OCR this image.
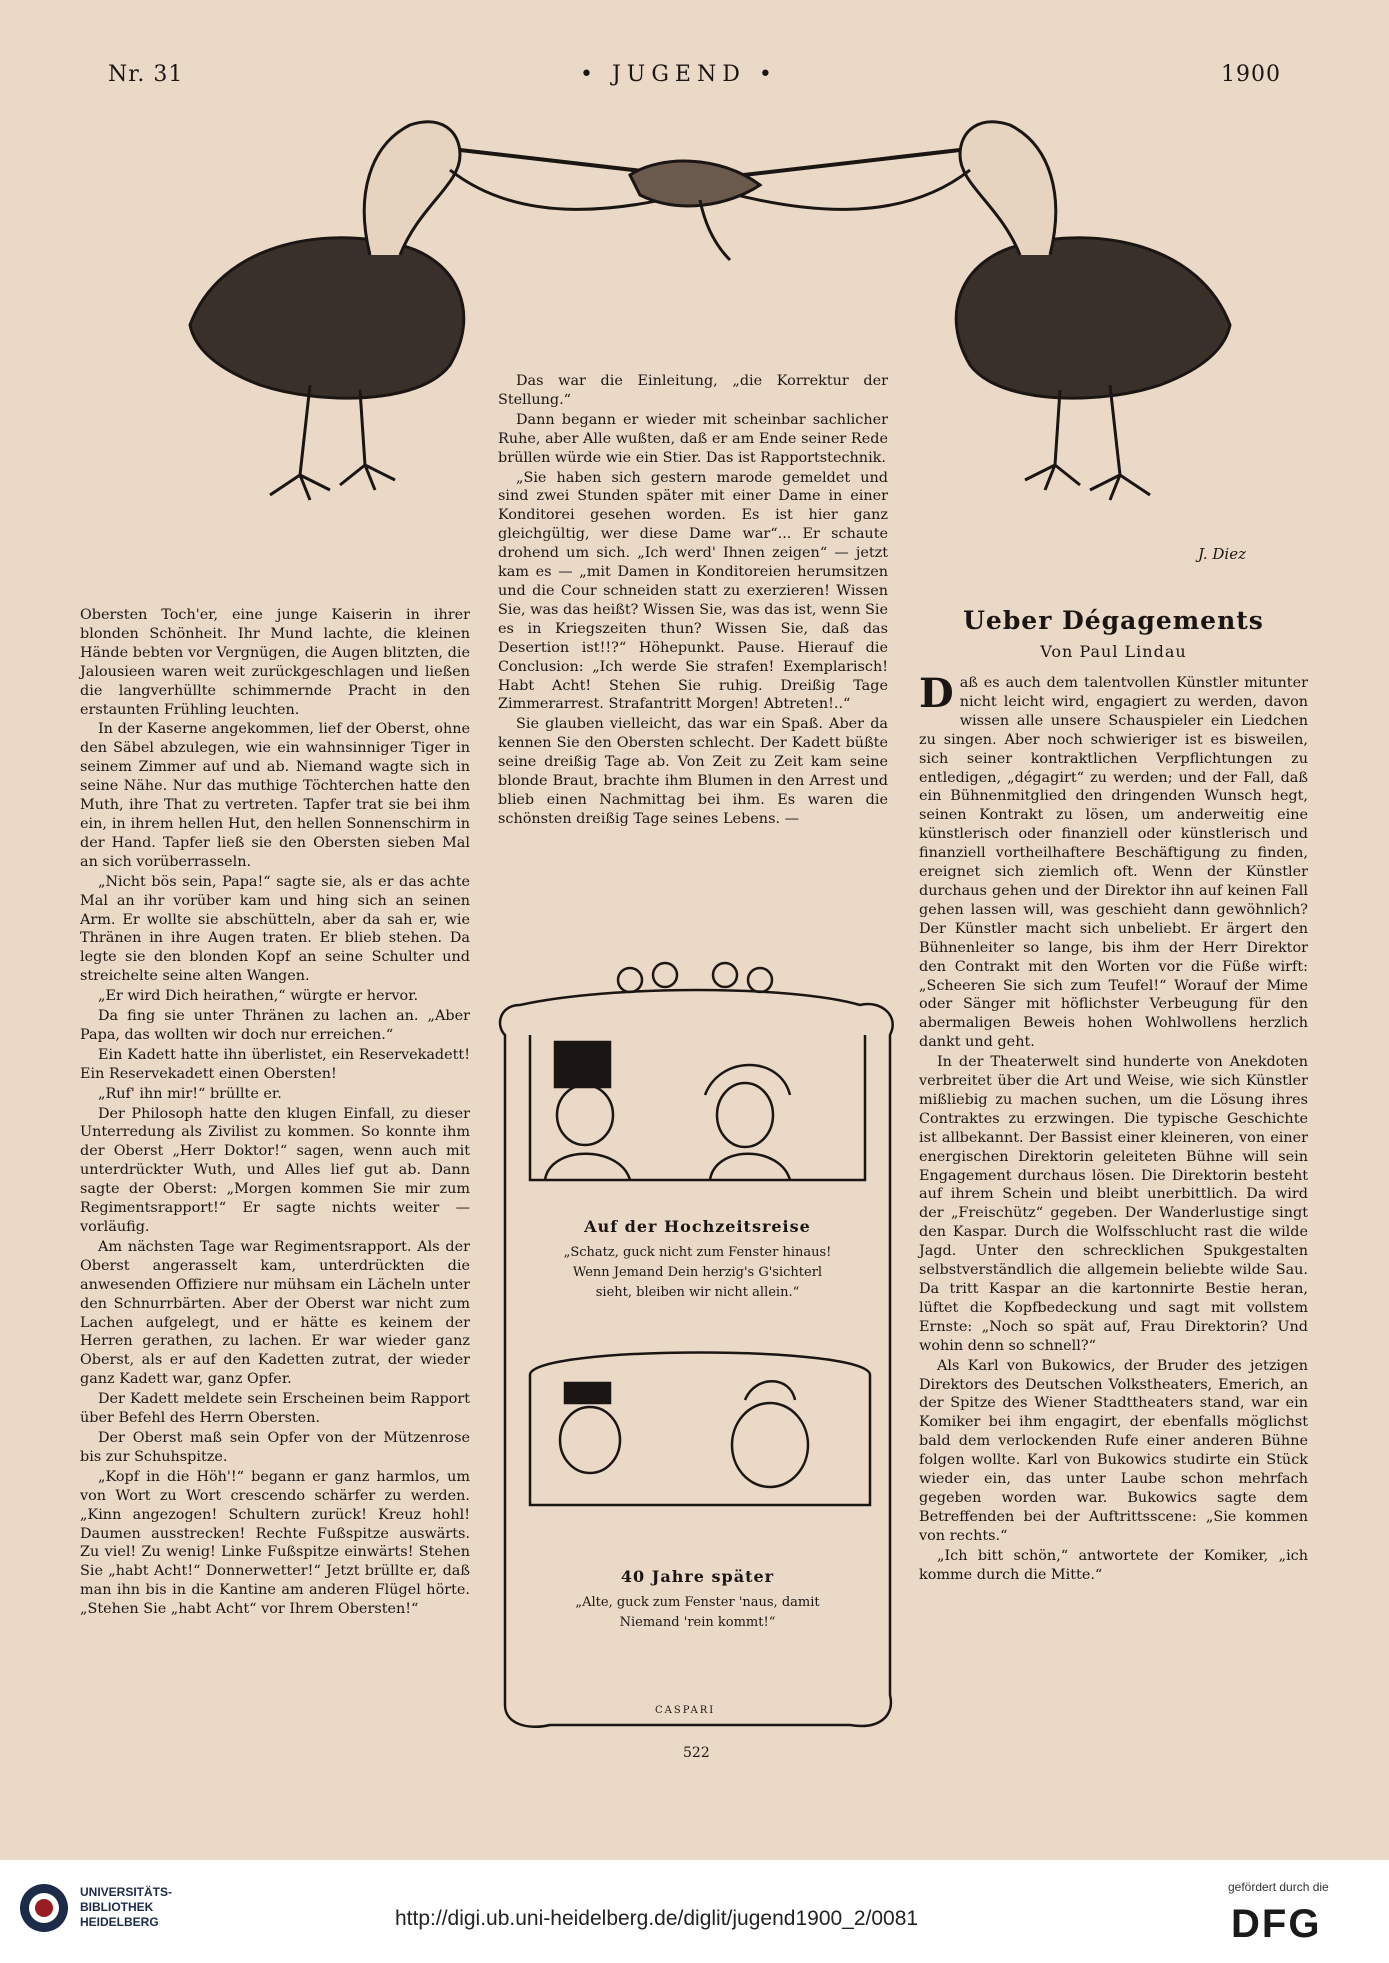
Nr. 31	• JUGEND •	1900
J. Diez

Obersten Toch'er, eine junge Kaiserin in ihrer blonden Schönheit. Ihr Mund lachte, die kleinen Hände bebten vor Vergnügen, die Augen blitzten, die Jalousieen waren weit zurückgeschlagen und ließen die langverhüllte schimmernde Pracht in den erstaunten Frühling leuchten.

In der Kaserne angekommen, lief der Oberst, ohne den Säbel abzulegen, wie ein wahnsinniger Tiger in seinem Zimmer auf und ab. Niemand wagte sich in seine Nähe. Nur das muthige Töchterchen hatte den Muth, ihre That zu vertreten. Tapfer trat sie bei ihm ein, in ihrem hellen Hut, den hellen Sonnenschirm in der Hand. Tapfer ließ sie den Obersten sieben Mal an sich vorüberrasseln.

„Nicht bös sein, Papa!“ sagte sie, als er das achte Mal an ihr vorüber kam und hing sich an seinen Arm. Er wollte sie abschütteln, aber da sah er, wie Thränen in ihre Augen traten. Er blieb stehen. Da legte sie den blonden Kopf an seine Schulter und streichelte seine alten Wangen.

„Er wird Dich heirathen,“ würgte er hervor.

Da fing sie unter Thränen zu lachen an. „Aber Papa, das wollten wir doch nur erreichen.“

Ein Kadett hatte ihn überlistet, ein Reservekadett! Ein Reservekadett einen Obersten!

„Ruf' ihn mir!“ brüllte er.

Der Philosoph hatte den klugen Einfall, zu dieser Unterredung als Zivilist zu kommen. So konnte ihm der Oberst „Herr Doktor!“ sagen, wenn auch mit unterdrückter Wuth, und Alles lief gut ab. Dann sagte der Oberst: „Morgen kommen Sie mir zum Regimentsrapport!“ Er sagte nichts weiter — vorläufig.

Am nächsten Tage war Regimentsrapport. Als der Oberst angerasselt kam, unterdrückten die anwesenden Offiziere nur mühsam ein Lächeln unter den Schnurrbärten. Aber der Oberst war nicht zum Lachen aufgelegt, und er hätte es keinem der Herren gerathen, zu lachen. Er war wieder ganz Oberst, als er auf den Kadetten zutrat, der wieder ganz Kadett war, ganz Opfer.

Der Kadett meldete sein Erscheinen beim Rapport über Befehl des Herrn Obersten.

Der Oberst maß sein Opfer von der Mützenrose bis zur Schuhspitze.

„Kopf in die Höh'!“ begann er ganz harmlos, um von Wort zu Wort crescendo schärfer zu werden. „Kinn angezogen! Schultern zurück! Kreuz hohl! Daumen ausstrecken! Rechte Fußspitze auswärts. Zu viel! Zu wenig! Linke Fußspitze einwärts! Stehen Sie „habt Acht!“ Donnerwetter!“ Jetzt brüllte er, daß man ihn bis in die Kantine am anderen Flügel hörte. „Stehen Sie „habt Acht“ vor Ihrem Obersten!“

Das war die Einleitung, „die Korrektur der Stellung.“

Dann begann er wieder mit scheinbar sachlicher Ruhe, aber Alle wußten, daß er am Ende seiner Rede brüllen würde wie ein Stier. Das ist Rapportstechnik.

„Sie haben sich gestern marode gemeldet und sind zwei Stunden später mit einer Dame in einer Konditorei gesehen worden. Es ist hier ganz gleichgültig, wer diese Dame war“... Er schaute drohend um sich. „Ich werd' Ihnen zeigen“ — jetzt kam es — „mit Damen in Konditoreien herumsitzen und die Cour schneiden statt zu exerzieren! Wissen Sie, was das heißt? Wissen Sie, was das ist, wenn Sie es in Kriegszeiten thun? Wissen Sie, daß das Desertion ist!!?“ Höhepunkt. Pause. Hierauf die Conclusion: „Ich werde Sie strafen! Exemplarisch! Habt Acht! Stehen Sie ruhig. Dreißig Tage Zimmerarrest. Strafantritt Morgen! Abtreten!..“

Sie glauben vielleicht, das war ein Spaß. Aber da kennen Sie den Obersten schlecht. Der Kadett büßte seine dreißig Tage ab. Von Zeit zu Zeit kam seine blonde Braut, brachte ihm Blumen in den Arrest und blieb einen Nachmittag bei ihm. Es waren die schönsten dreißig Tage seines Lebens. —

Ueber Dégagements
Von Paul Lindau

Daß es auch dem talentvollen Künstler mitunter nicht leicht wird, engagiert zu werden, davon wissen alle unsere Schauspieler ein Liedchen zu singen. Aber noch schwieriger ist es bisweilen, sich seiner kontraktlichen Verpflichtungen zu entledigen, „dégagirt“ zu werden; und der Fall, daß ein Bühnenmitglied den dringenden Wunsch hegt, seinen Kontrakt zu lösen, um anderweitig eine künstlerisch oder finanziell oder künstlerisch und finanziell vortheilhaftere Beschäftigung zu finden, ereignet sich ziemlich oft. Wenn der Künstler durchaus gehen und der Direktor ihn auf keinen Fall gehen lassen will, was geschieht dann gewöhnlich? Der Künstler macht sich unbeliebt. Er ärgert den Bühnenleiter so lange, bis ihm der Herr Direktor den Contrakt mit den Worten vor die Füße wirft: „Scheeren Sie sich zum Teufel!“ Worauf der Mime oder Sänger mit höflichster Verbeugung für den abermaligen Beweis hohen Wohlwollens herzlich dankt und geht.

In der Theaterwelt sind hunderte von Anekdoten verbreitet über die Art und Weise, wie sich Künstler mißliebig zu machen suchen, um die Lösung ihres Contraktes zu erzwingen. Die typische Geschichte ist allbekannt. Der Bassist einer kleineren, von einer energischen Direktorin geleiteten Bühne will sein Engagement durchaus lösen. Die Direktorin besteht auf ihrem Schein und bleibt unerbittlich. Da wird der „Freischütz“ gegeben. Der Wanderlustige singt den Kaspar. Durch die Wolfsschlucht rast die wilde Jagd. Unter den schrecklichen Spukgestalten selbstverständlich die allgemein beliebte wilde Sau. Da tritt Kaspar an die kartonnirte Bestie heran, lüftet die Kopfbedeckung und sagt mit vollstem Ernste: „Noch so spät auf, Frau Direktorin? Und wohin denn so schnell?“

Als Karl von Bukowics, der Bruder des jetzigen Direktors des Deutschen Volkstheaters, Emerich, an der Spitze des Wiener Stadttheaters stand, war ein Komiker bei ihm engagirt, der ebenfalls möglichst bald dem verlockenden Rufe einer anderen Bühne folgen wollte. Karl von Bukowics studirte ein Stück wieder ein, das unter Laube schon mehrfach gegeben worden war. Bukowics sagte dem Betreffenden bei der Auftrittsscene: „Sie kommen von rechts.“

„Ich bitt schön,“ antwortete der Komiker, „ich komme durch die Mitte.“

Auf der Hochzeitsreise
„Schatz, guck nicht zum Fenster hinaus!
Wenn Jemand Dein herzig's G'sichterl
sieht, bleiben wir nicht allein.“
40 Jahre später
„Alte, guck zum Fenster 'naus, damit
Niemand 'rein kommt!“
CASPARI
522
UNIVERSITÄTS-
BIBLIOTHEK
HEIDELBERG	http://digi.ub.uni-heidelberg.de/diglit/jugend1900_2/0081
gefördert durch die
DFG
